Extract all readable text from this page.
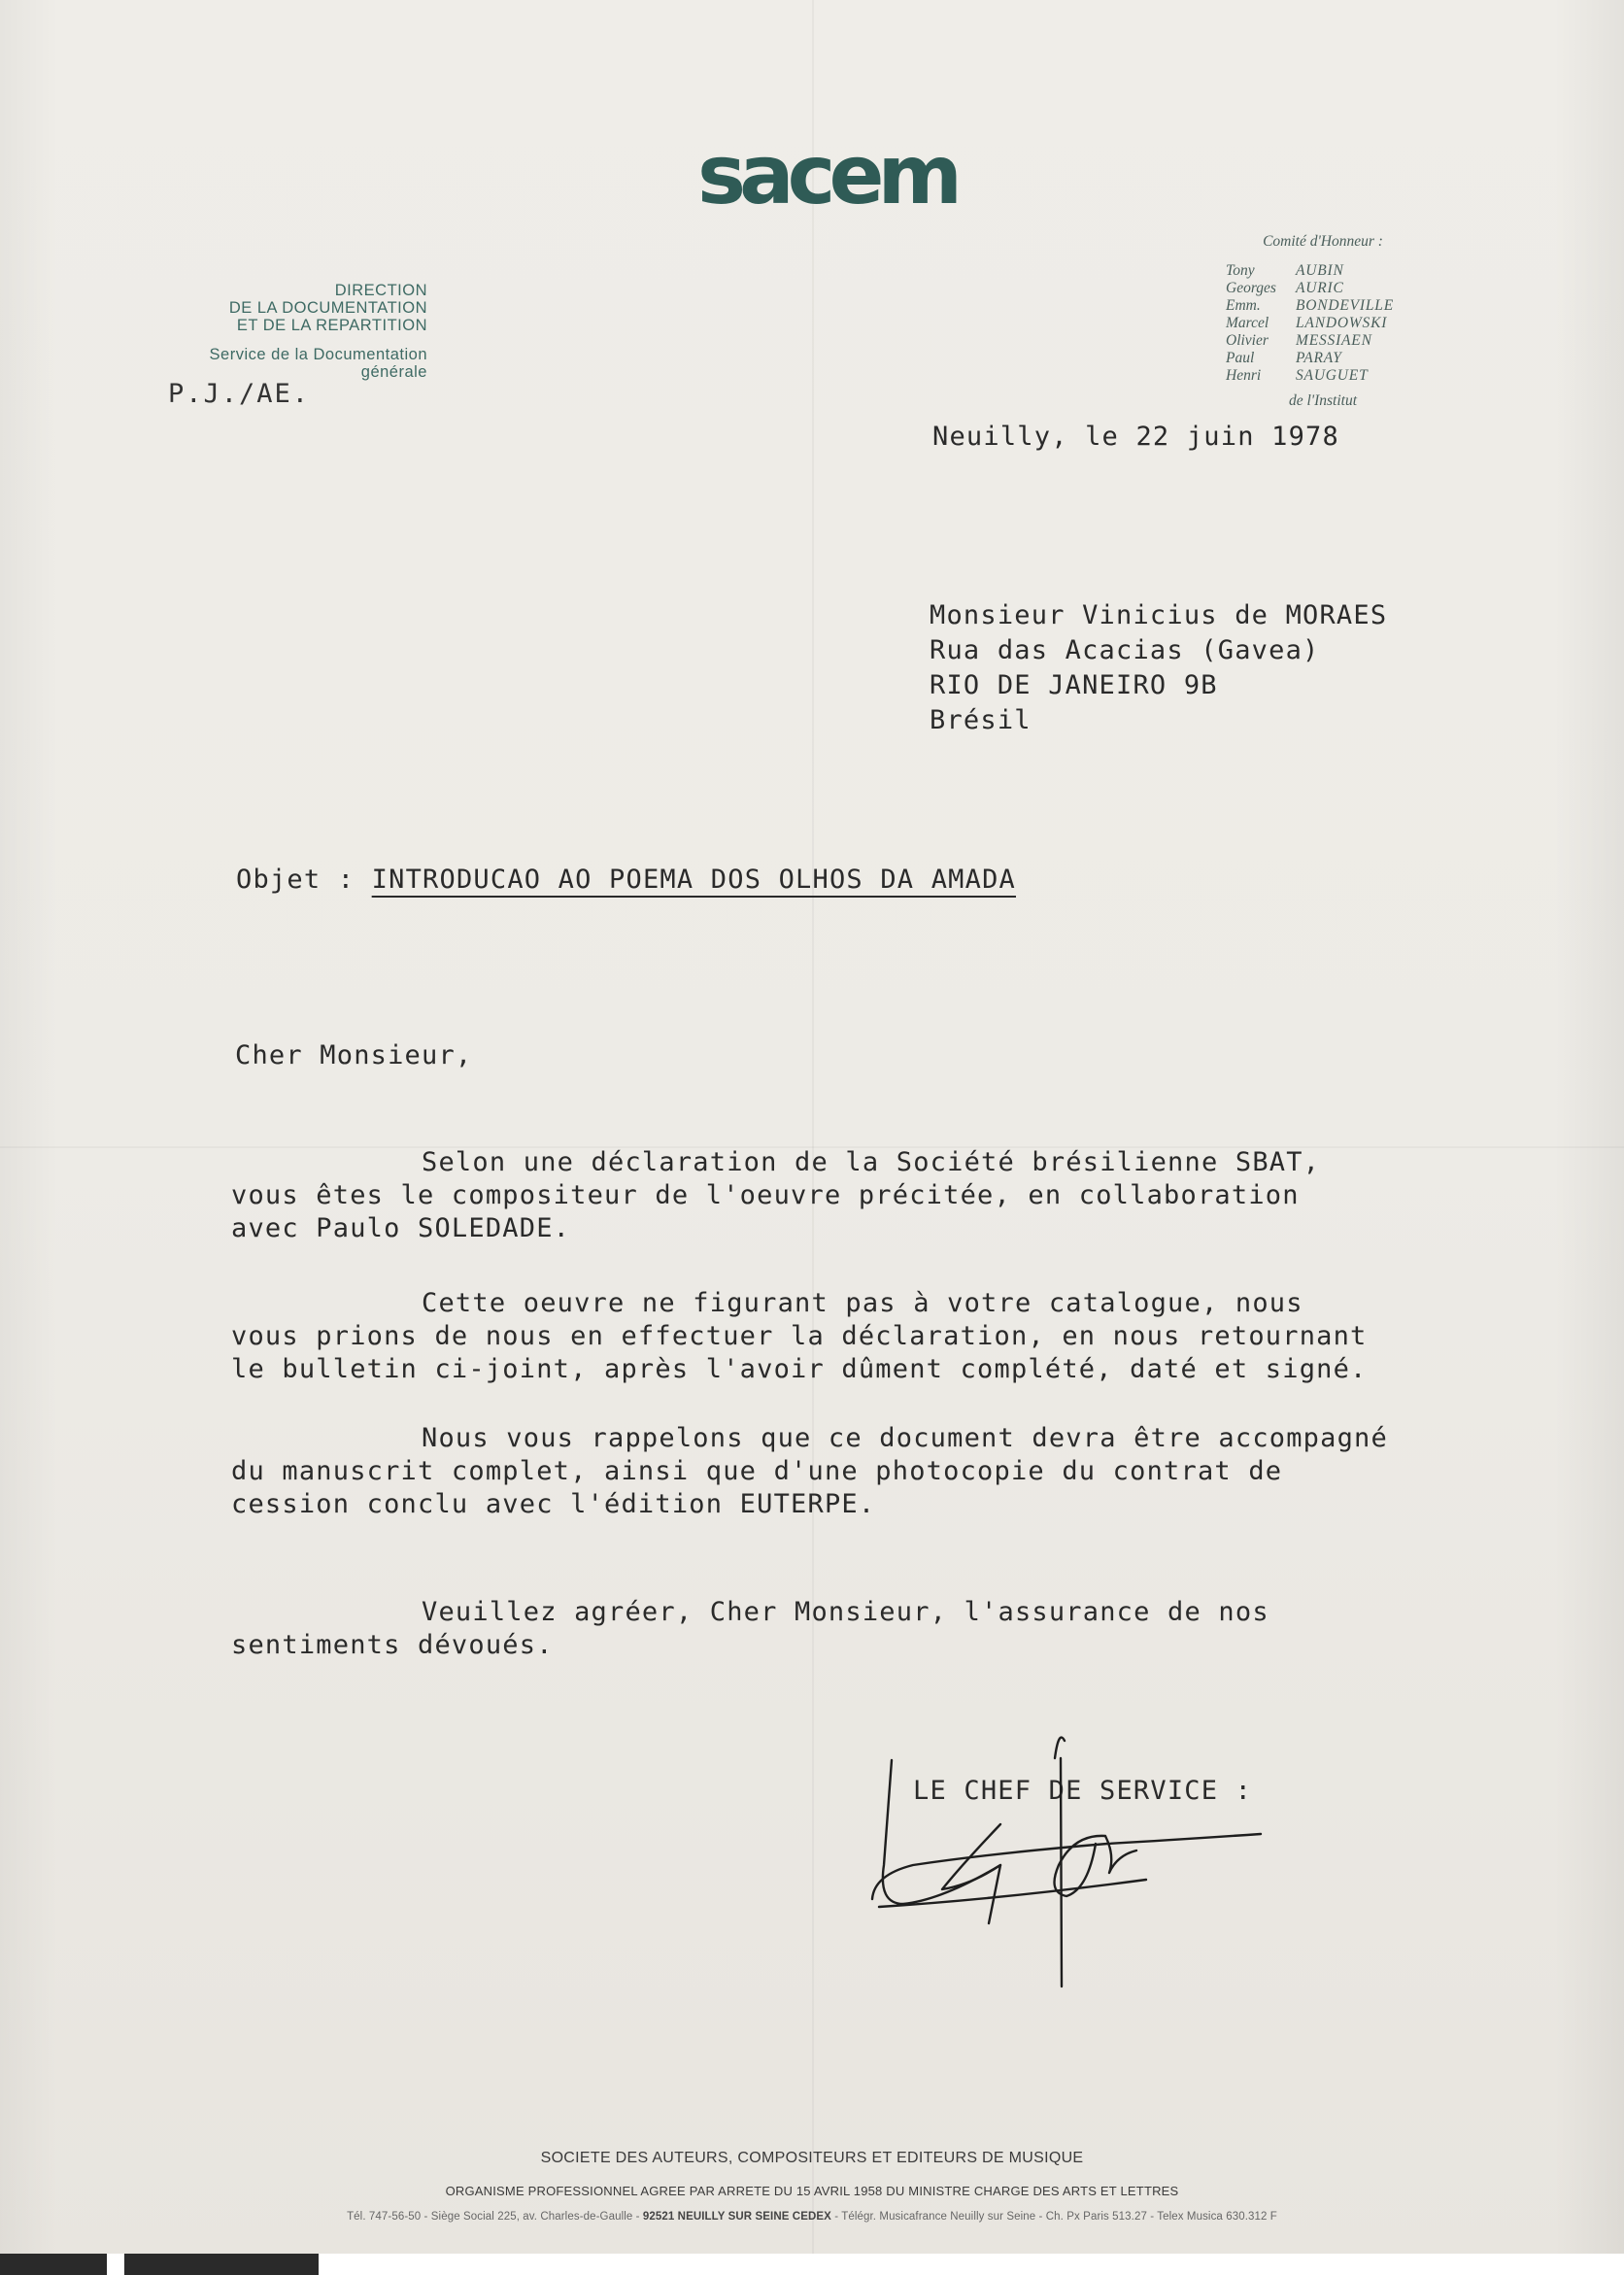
sacem
DIRECTION
DE LA DOCUMENTATION
ET DE LA REPARTITION
Service de la Documentation
générale
P.J./AE.
Comité d'Honneur :
Tony	AUBIN
Georges	AURIC
Emm.	BONDEVILLE
Marcel	LANDOWSKI
Olivier	MESSIAEN
Paul	PARAY
Henri	SAUGUET
de l'Institut
Neuilly, le 22 juin 1978
Monsieur Vinicius de MORAES
Rua das Acacias (Gavea)
RIO DE JANEIRO 9B
Brésil
Objet : INTRODUCAO AO POEMA DOS OLHOS DA AMADA
Cher Monsieur,
Selon une déclaration de la Société brésilienne SBAT,
vous êtes le compositeur de l'oeuvre précitée, en collaboration
avec Paulo SOLEDADE.
Cette oeuvre ne figurant pas à votre catalogue, nous
vous prions de nous en effectuer la déclaration, en nous retournant
le bulletin ci-joint, après l'avoir dûment complété, daté et signé.
Nous vous rappelons que ce document devra être accompagné
du manuscrit complet, ainsi que d'une photocopie du contrat de
cession conclu avec l'édition EUTERPE.
Veuillez agréer, Cher Monsieur, l'assurance de nos
sentiments dévoués.
LE CHEF DE SERVICE :
SOCIETE DES AUTEURS, COMPOSITEURS ET EDITEURS DE MUSIQUE
ORGANISME PROFESSIONNEL AGREE PAR ARRETE DU 15 AVRIL 1958 DU MINISTRE CHARGE DES ARTS ET LETTRES
Tél. 747-56-50 - Siège Social 225, av. Charles-de-Gaulle - 92521 NEUILLY SUR SEINE CEDEX - Télégr. Musicafrance Neuilly sur Seine - Ch. Px Paris 513.27 - Telex Musica 630.312 F
